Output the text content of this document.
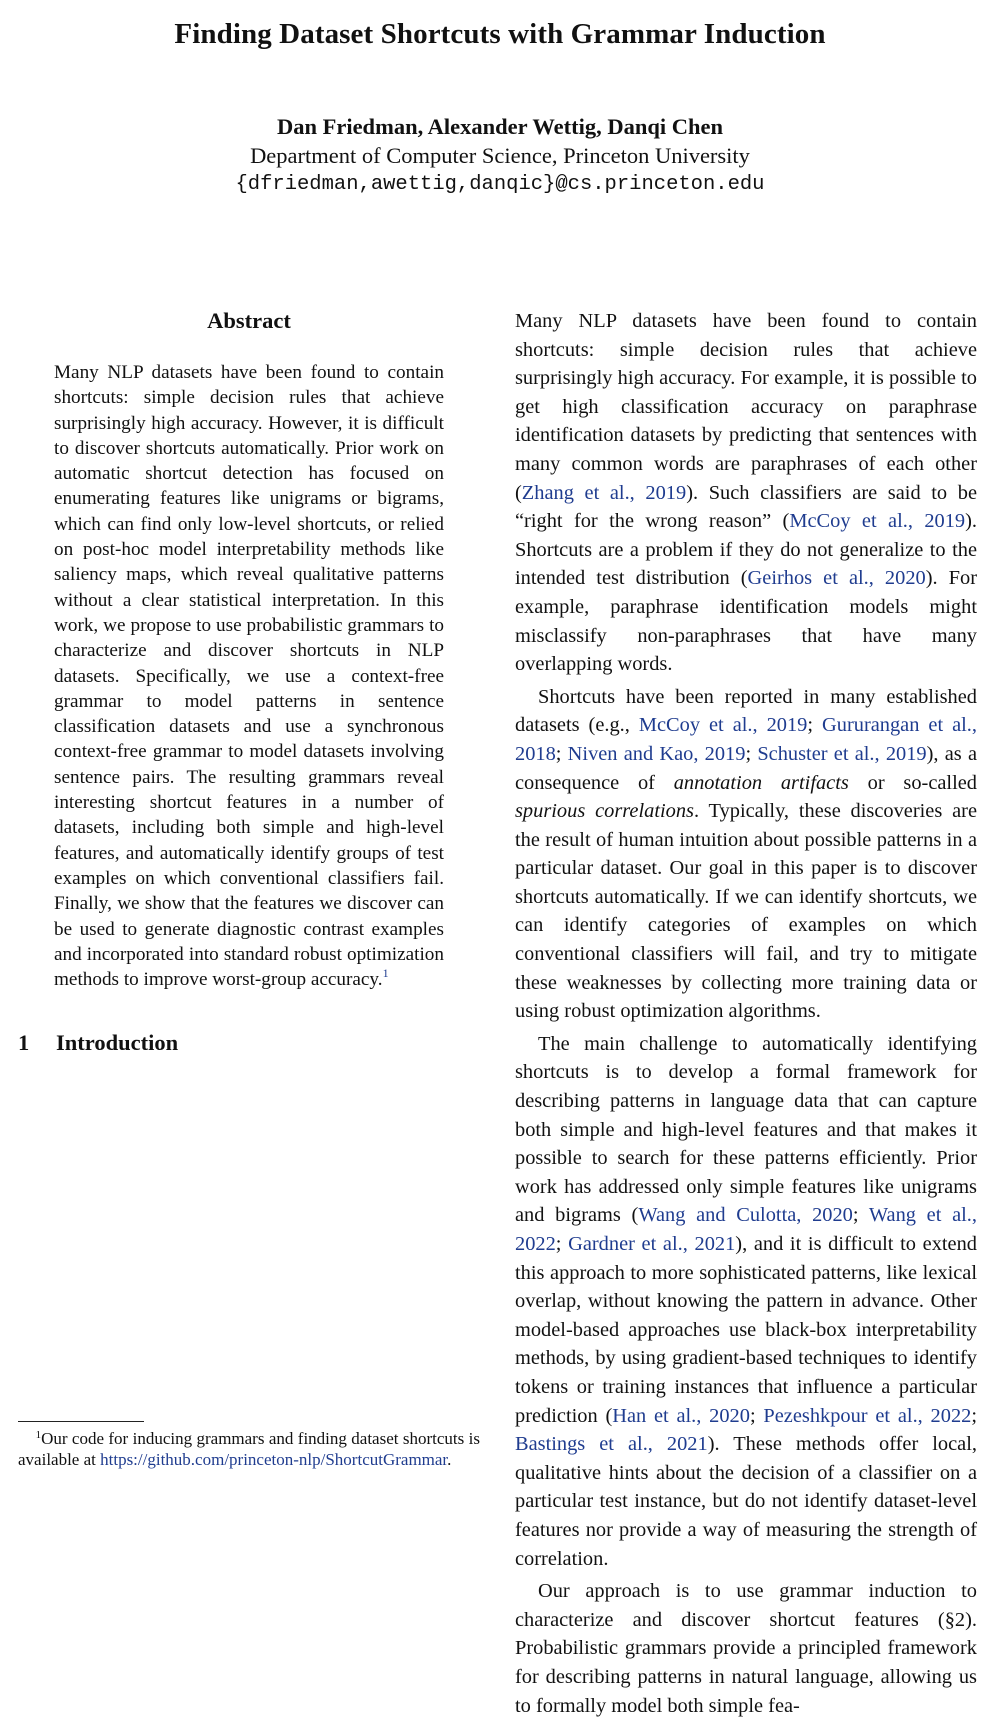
Finding Dataset Shortcuts with Grammar Induction
Dan Friedman, Alexander Wettig, Danqi Chen
Department of Computer Science, Princeton University
{dfriedman,awettig,danqic}@cs.princeton.edu
Abstract
Many NLP datasets have been found to contain shortcuts: simple decision rules that achieve surprisingly high accuracy. However, it is difficult to discover shortcuts automatically. Prior work on automatic shortcut detection has focused on enumerating features like unigrams or bigrams, which can find only low-level shortcuts, or relied on post-hoc model interpretability methods like saliency maps, which reveal qualitative patterns without a clear statistical interpretation. In this work, we propose to use probabilistic grammars to characterize and discover shortcuts in NLP datasets. Specifically, we use a context-free grammar to model patterns in sentence classification datasets and use a synchronous context-free grammar to model datasets involving sentence pairs. The resulting grammars reveal interesting shortcut features in a number of datasets, including both simple and high-level features, and automatically identify groups of test examples on which conventional classifiers fail. Finally, we show that the features we discover can be used to generate diagnostic contrast examples and incorporated into standard robust optimization methods to improve worst-group accuracy.$^1$
1 Introduction

Many NLP datasets have been found to contain shortcuts: simple decision rules that achieve surprisingly high accuracy. For example, it is possible to get high classification accuracy on paraphrase identification datasets by predicting that sentences with many common words are paraphrases of each other (Zhang et al., 2019). Such classifiers are said to be “right for the wrong reason” (McCoy et al., 2019). Shortcuts are a problem if they do not generalize to the intended test distribution (Geirhos et al., 2020). For example, paraphrase identification models might misclassify non-paraphrases that have many overlapping words.

Shortcuts have been reported in many established datasets (e.g., McCoy et al., 2019; Gururangan et al., 2018; Niven and Kao, 2019; Schuster et al., 2019), as a consequence of annotation artifacts or so-called spurious correlations. Typically, these discoveries are the result of human intuition about possible patterns in a particular dataset. Our goal in this paper is to discover shortcuts automatically. If we can identify shortcuts, we can identify categories of examples on which conventional classifiers will fail, and try to mitigate these weaknesses by collecting more training data or using robust optimization algorithms.

The main challenge to automatically identifying shortcuts is to develop a formal framework for describing patterns in language data that can capture both simple and high-level features and that makes it possible to search for these patterns efficiently. Prior work has addressed only simple features like unigrams and bigrams (Wang and Culotta, 2020; Wang et al., 2022; Gardner et al., 2021), and it is difficult to extend this approach to more sophisticated patterns, like lexical overlap, without knowing the pattern in advance. Other model-based approaches use black-box interpretability methods, by using gradient-based techniques to identify tokens or training instances that influence a particular prediction (Han et al., 2020; Pezeshkpour et al., 2022; Bastings et al., 2021). These methods offer local, qualitative hints about the decision of a classifier on a particular test instance, but do not identify dataset-level features nor provide a way of measuring the strength of correlation.

Our approach is to use grammar induction to characterize and discover shortcut features (§2). Probabilistic grammars provide a principled framework for describing patterns in natural language, allowing us to formally model both simple fea-

$^1$Our code for inducing grammars and finding dataset shortcuts is available at https://github.com/princeton-nlp/ShortcutGrammar.
